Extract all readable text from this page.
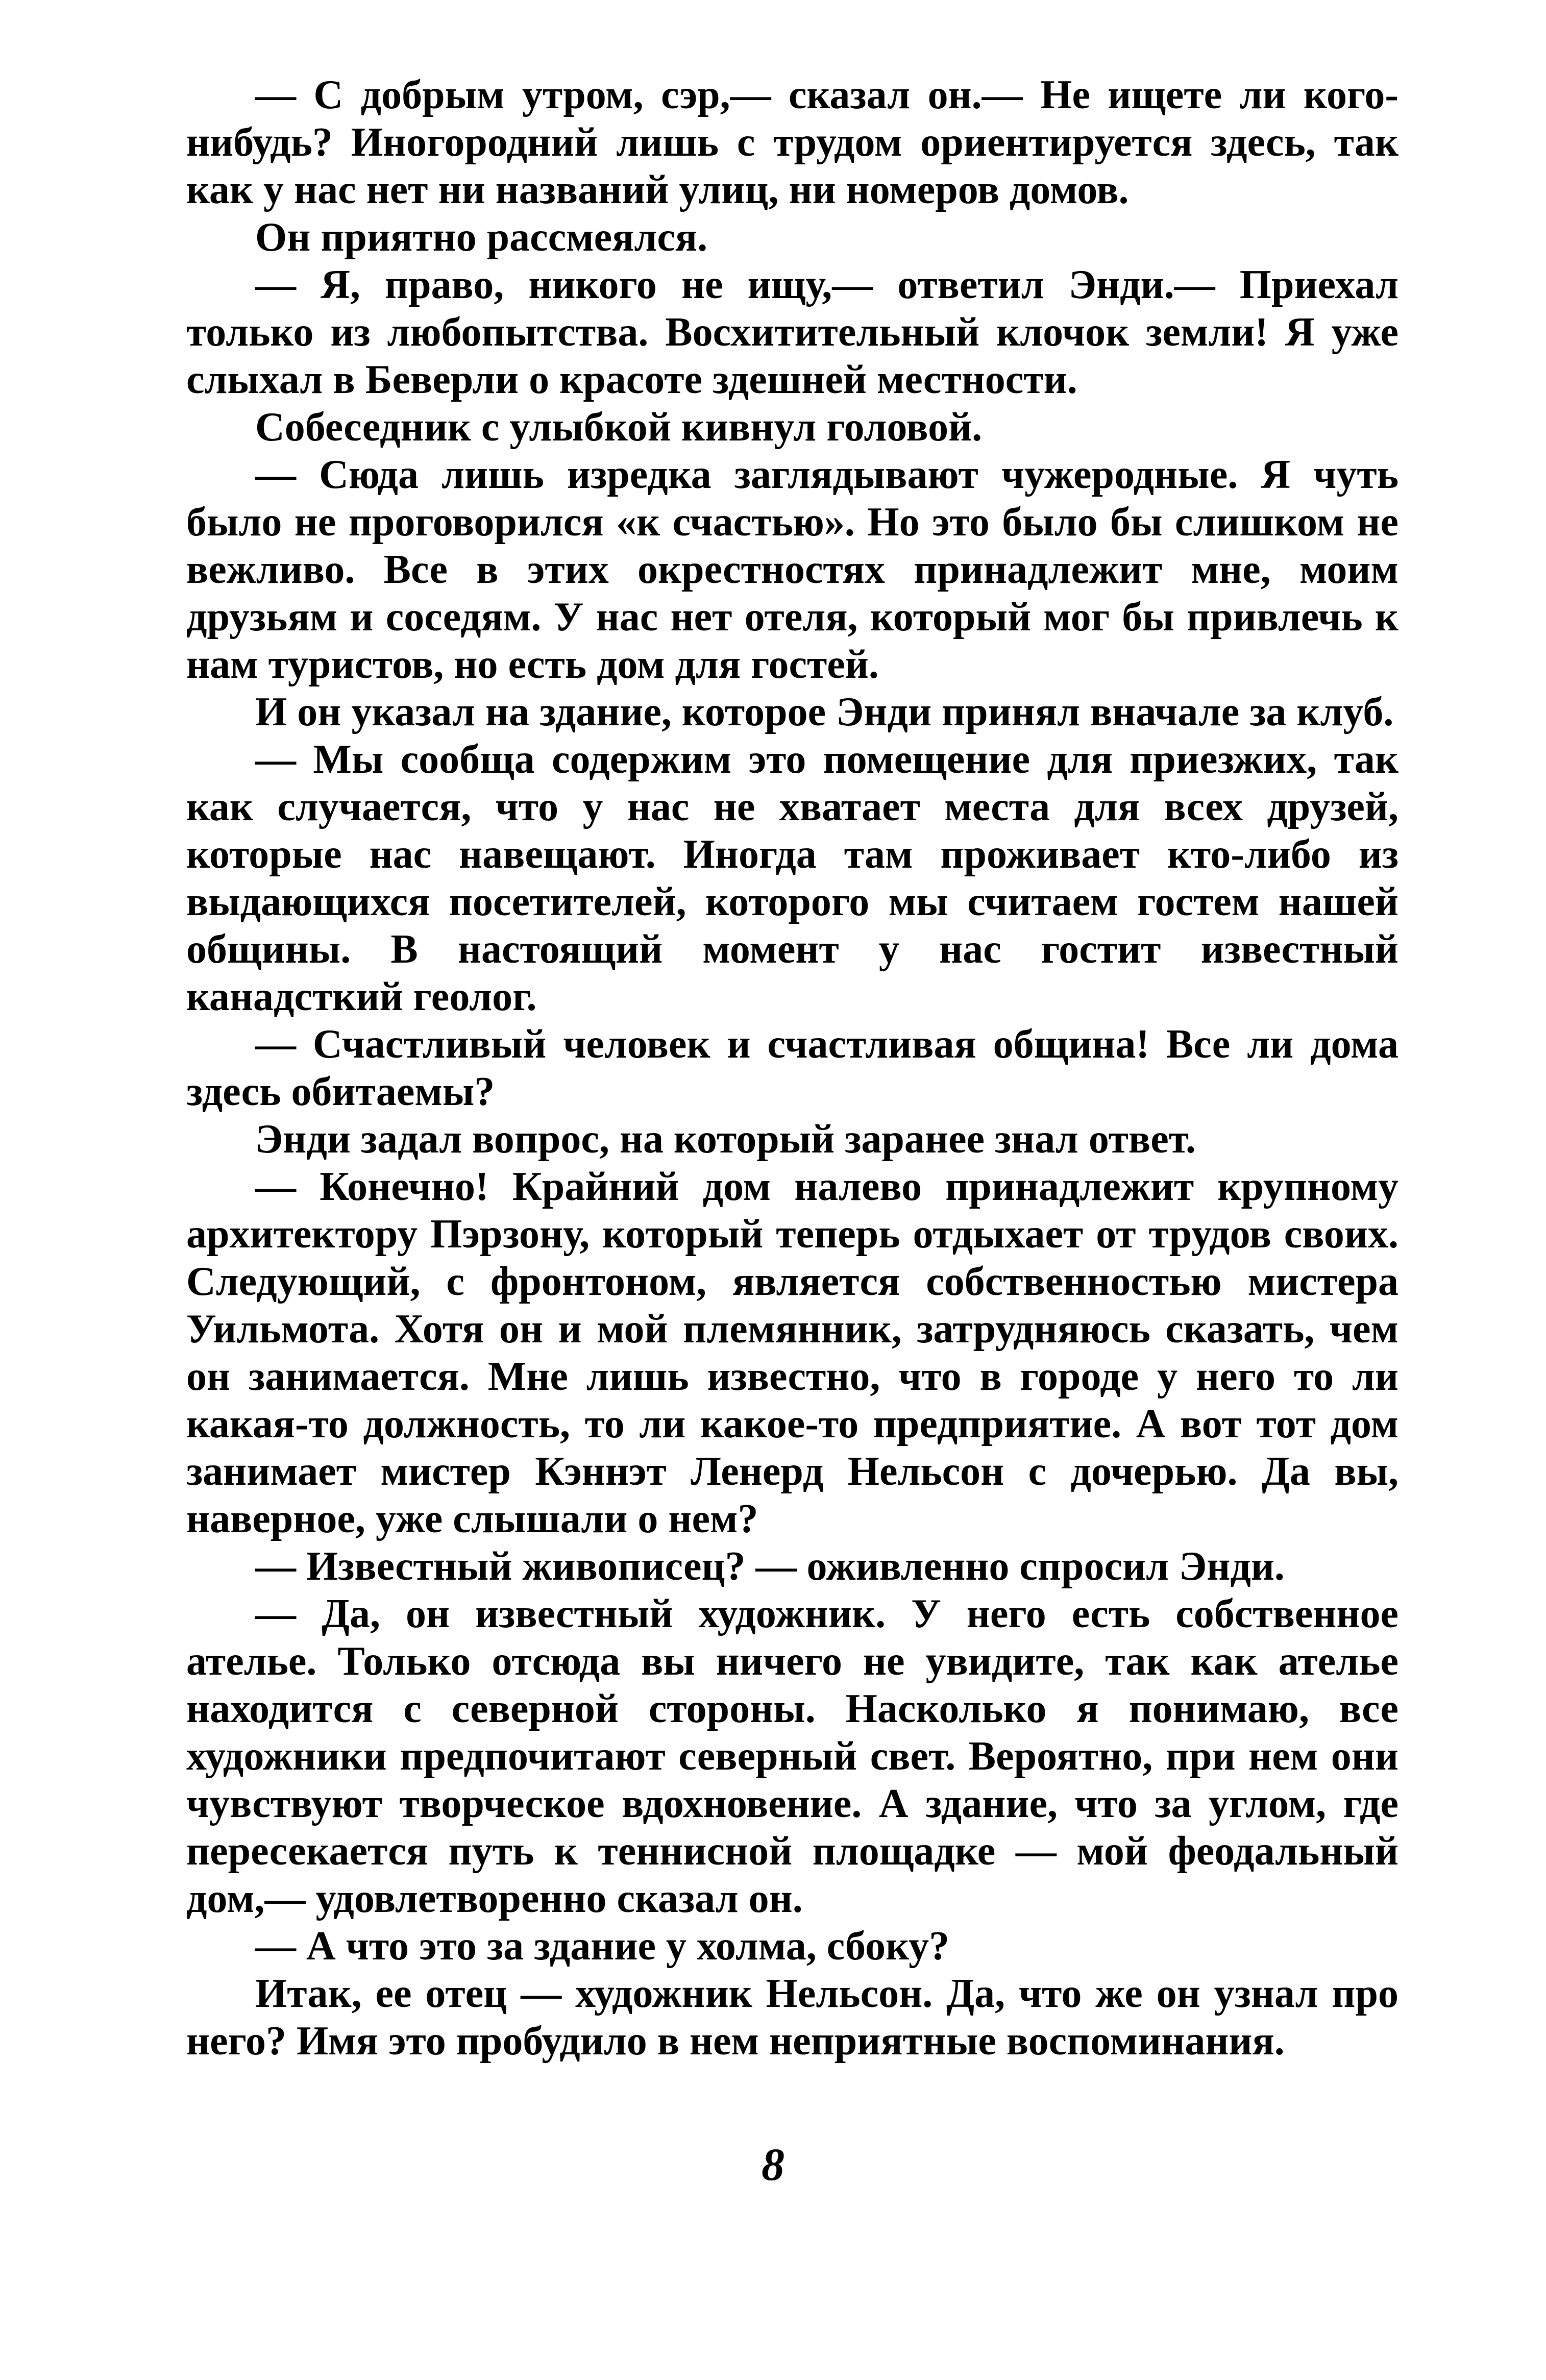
— С добрым утром, сэр,— сказал он.— Не ищете ли кого-нибудь? Иногородний лишь с трудом ориентируется здесь, так как у нас нет ни названий улиц, ни номеров домов.

Он приятно рассмеялся.

— Я, право, никого не ищу,— ответил Энди.— Приехал только из любопытства. Восхитительный клочок земли! Я уже слыхал в Беверли о красоте здешней местности.

Собеседник с улыбкой кивнул головой.

— Сюда лишь изредка заглядывают чужеродные. Я чуть было не проговорился «к счастью». Но это было бы слишком не вежливо. Все в этих окрестностях принадлежит мне, моим друзьям и соседям. У нас нет отеля, который мог бы привлечь к нам туристов, но есть дом для гостей.

И он указал на здание, которое Энди принял вначале за клуб.

— Мы сообща содержим это помещение для приезжих, так как случается, что у нас не хватает места для всех друзей, которые нас навещают. Иногда там проживает кто-либо из выдающихся посетителей, которого мы считаем гостем нашей общины. В настоящий момент у нас гостит известный канадсткий геолог.

— Счастливый человек и счастливая община! Все ли дома здесь обитаемы?

Энди задал вопрос, на который заранее знал ответ.

— Конечно! Крайний дом налево принадлежит крупному архитектору Пэрзону, который теперь отдыхает от трудов своих. Следующий, с фронтоном, является собственностью мистера Уильмота. Хотя он и мой племянник, затрудняюсь сказать, чем он занимается. Мне лишь известно, что в городе у него то ли какая-то должность, то ли какое-то предприятие. А вот тот дом занимает мистер Кэннэт Ленерд Нельсон с дочерью. Да вы, наверное, уже слышали о нем?

— Известный живописец? — оживленно спросил Энди.

— Да, он известный художник. У него есть собственное ателье. Только отсюда вы ничего не увидите, так как ателье находится с северной стороны. Насколько я понимаю, все художники предпочитают северный свет. Вероятно, при нем они чувствуют творческое вдохновение. А здание, что за углом, где пересекается путь к теннисной площадке — мой феодальный дом,— удовлетворенно сказал он.

— А что это за здание у холма, сбоку?

Итак, ее отец — художник Нельсон. Да, что же он узнал про него? Имя это пробудило в нем неприятные воспоминания.

8
